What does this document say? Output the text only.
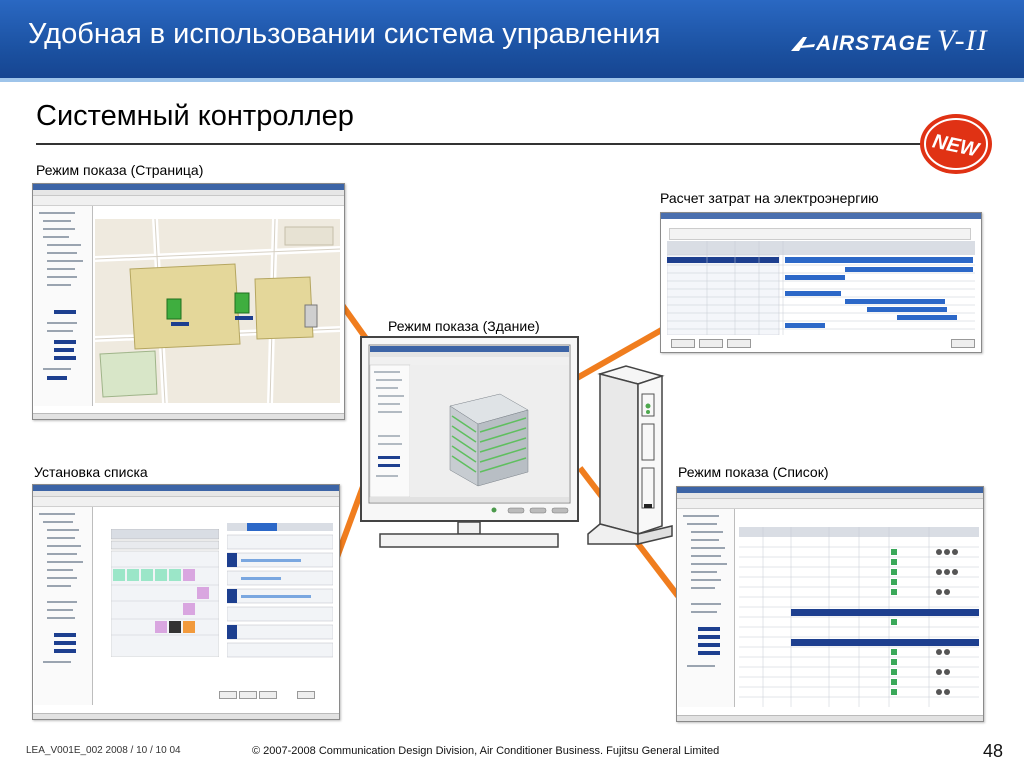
Удобная в использовании система управления	AIRSTAGE V-II
Системный контроллер
NEW
Режим показа (Страница)
Расчет затрат на электроэнергию
Режим показа (Здание)
Установка списка	Режим показа (Список)
LEA_V001E_002 2008 / 10 / 10 04	© 2007-2008 Communication Design Division, Air Conditioner Business. Fujitsu General Limited	48
